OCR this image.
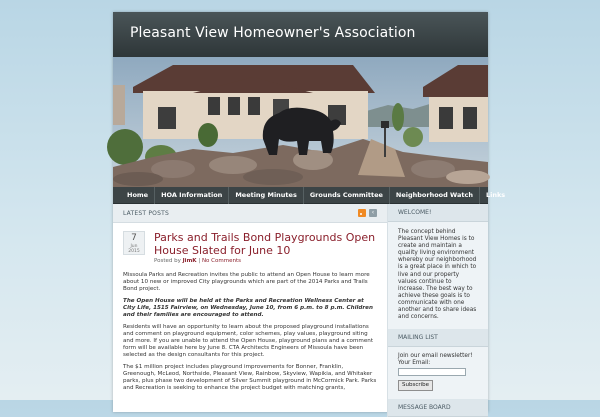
Pleasant View Homeowner's Association
Home	HOA Information	Meeting Minutes	Grounds Committee	Neighborhood Watch	Links
LATEST POSTS	‹
7
Jun
2015
Parks and Trails Bond Playgrounds Open House Slated for June 10
Posted by JimK | No Comments

Missoula Parks and Recreation invites the public to attend an Open House to learn more about 10 new or improved City playgrounds which are part of the 2014 Parks and Trails Bond project.

The Open House will be held at the Parks and Recreation Wellness Center at City Life, 1515 Fairview, on Wednesday, June 10, from 6 p.m. to 8 p.m. Children and their families are encouraged to attend.

Residents will have an opportunity to learn about the proposed playground installations and comment on playground equipment, color schemes, play values, playground siting and more. If you are unable to attend the Open House, playground plans and a comment form will be available here by June 8. CTA Architects Engineers of Missoula have been selected as the design consultants for this project.

The $1 million project includes playground improvements for Bonner, Franklin, Greenough, McLeod, Northside, Pleasant View, Rainbow, Skyview, Wapikia, and Whitaker parks, plus phase two development of Silver Summit playground in McCormick Park. Parks and Recreation is seeking to enhance the project budget with matching grants,

WELCOME!
The concept behind Pleasant View Homes is to create and maintain a quality living environment whereby our neighborhood is a great place in which to live and our property values continue to increase. The best way to achieve these goals is to communicate with one another and to share ideas and concerns.
MAILING LIST
Join our email newsletter!
Your Email:
Subscribe
MESSAGE BOARD
